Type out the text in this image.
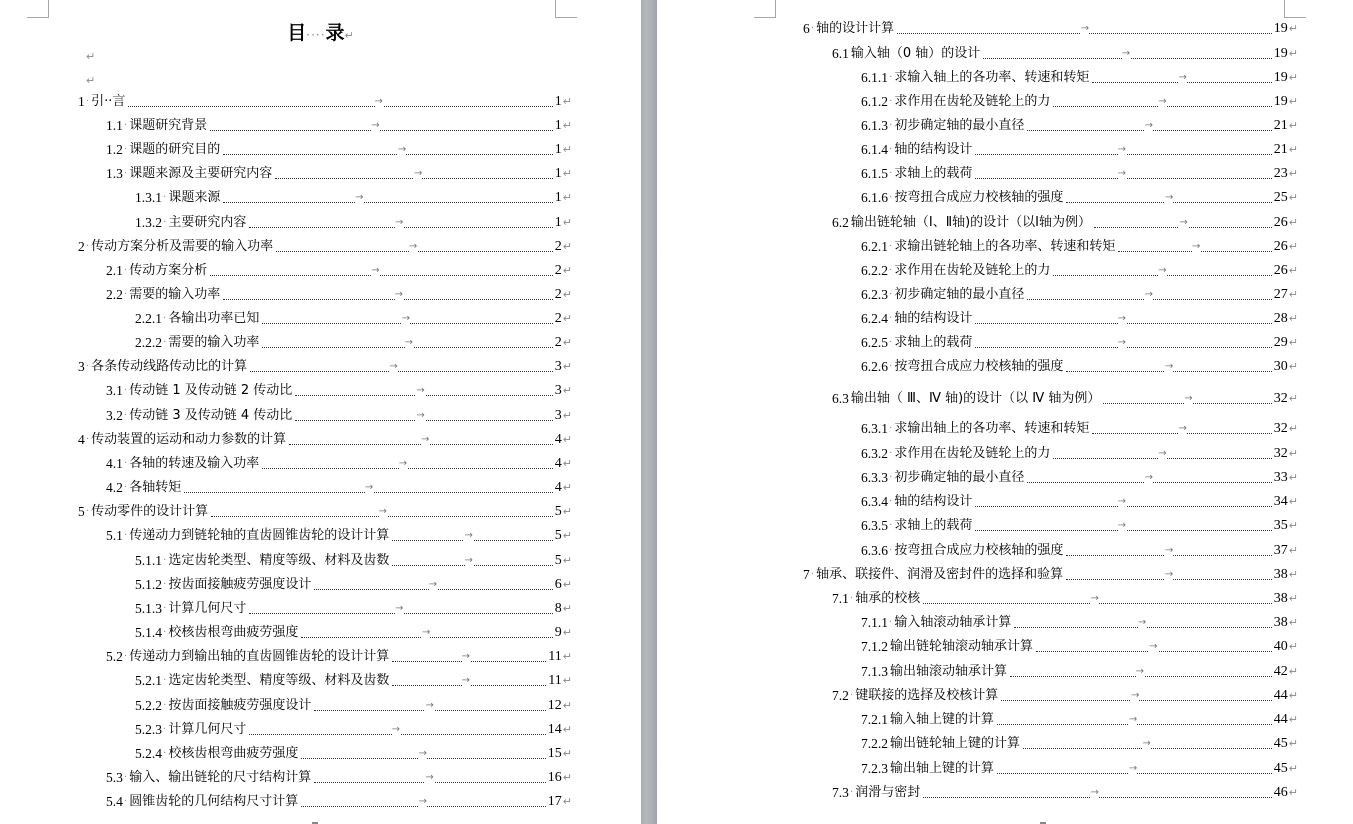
目····录↵
↵
↵
1 · 引··言	→	1 ↵
1.1 · 课题研究背景	→	1 ↵
1.2 · 课题的研究目的	→	1 ↵
1.3 · 课题来源及主要研究内容	→	1 ↵
1.3.1 · 课题来源	→	1 ↵
1.3.2 · 主要研究内容	→	1 ↵
2 · 传动方案分析及需要的输入功率	→	2 ↵
2.1 · 传动方案分析	→	2 ↵
2.2 · 需要的输入功率	→	2 ↵
2.2.1 · 各输出功率已知	→	2 ↵
2.2.2 · 需要的输入功率	→	2 ↵
3 · 各条传动线路传动比的计算	→	3 ↵
3.1 · 传动链 1 及传动链 2 传动比	→	3 ↵
3.2 · 传动链 3 及传动链 4 传动比	→	3 ↵
4 · 传动装置的运动和动力参数的计算	→	4 ↵
4.1 · 各轴的转速及输入功率	→	4 ↵
4.2 · 各轴转矩	→	4 ↵
5 · 传动零件的设计计算	→	5 ↵
5.1 · 传递动力到链轮轴的直齿圆锥齿轮的设计计算	→	5 ↵
5.1.1 · 选定齿轮类型、精度等级、材料及齿数	→	5 ↵
5.1.2 · 按齿面接触疲劳强度设计	→	6 ↵
5.1.3 · 计算几何尺寸	→	8 ↵
5.1.4 · 校核齿根弯曲疲劳强度	→	9 ↵
5.2 · 传递动力到输出轴的直齿圆锥齿轮的设计计算	→	11 ↵
5.2.1 · 选定齿轮类型、精度等级、材料及齿数	→	11 ↵
5.2.2 · 按齿面接触疲劳强度设计	→	12 ↵
5.2.3 · 计算几何尺寸	→	14 ↵
5.2.4 · 校核齿根弯曲疲劳强度	→	15 ↵
5.3 · 输入、输出链轮的尺寸结构计算	→	16 ↵
5.4 · 圆锥齿轮的几何结构尺寸计算	→	17 ↵
6 · 轴的设计计算	→	19 ↵
6.1 输入轴（0 轴）的设计	→	19 ↵
6.1.1 · 求输入轴上的各功率、转速和转矩	→	19 ↵
6.1.2 · 求作用在齿轮及链轮上的力	→	19 ↵
6.1.3 · 初步确定轴的最小直径	→	21 ↵
6.1.4 · 轴的结构设计	→	21 ↵
6.1.5 · 求轴上的载荷	→	23 ↵
6.1.6 · 按弯扭合成应力校核轴的强度	→	25 ↵
6.2 输出链轮轴（Ⅰ、Ⅱ轴)的设计（以Ⅰ轴为例）	→	26 ↵
6.2.1 · 求输出链轮轴上的各功率、转速和转矩	→	26 ↵
6.2.2 · 求作用在齿轮及链轮上的力	→	26 ↵
6.2.3 · 初步确定轴的最小直径	→	27 ↵
6.2.4 · 轴的结构设计	→	28 ↵
6.2.5 · 求轴上的载荷	→	29 ↵
6.2.6 · 按弯扭合成应力校核轴的强度	→	30 ↵
6.3 输出轴（ Ⅲ、Ⅳ 轴)的设计（以 Ⅳ 轴为例）	→	32 ↵
6.3.1 · 求输出轴上的各功率、转速和转矩	→	32 ↵
6.3.2 · 求作用在齿轮及链轮上的力	→	32 ↵
6.3.3 · 初步确定轴的最小直径	→	33 ↵
6.3.4 · 轴的结构设计	→	34 ↵
6.3.5 · 求轴上的载荷	→	35 ↵
6.3.6 · 按弯扭合成应力校核轴的强度	→	37 ↵
7 · 轴承、联接件、润滑及密封件的选择和验算	→	38 ↵
7.1 · 轴承的校核	→	38 ↵
7.1.1 · 输入轴滚动轴承计算	→	38 ↵
7.1.2 输出链轮轴滚动轴承计算	→	40 ↵
7.1.3 输出轴滚动轴承计算	→	42 ↵
7.2 · 键联接的选择及校核计算	→	44 ↵
7.2.1 输入轴上键的计算	→	44 ↵
7.2.2 输出链轮轴上键的计算	→	45 ↵
7.2.3 输出轴上键的计算	→	45 ↵
7.3 · 润滑与密封	→	46 ↵
